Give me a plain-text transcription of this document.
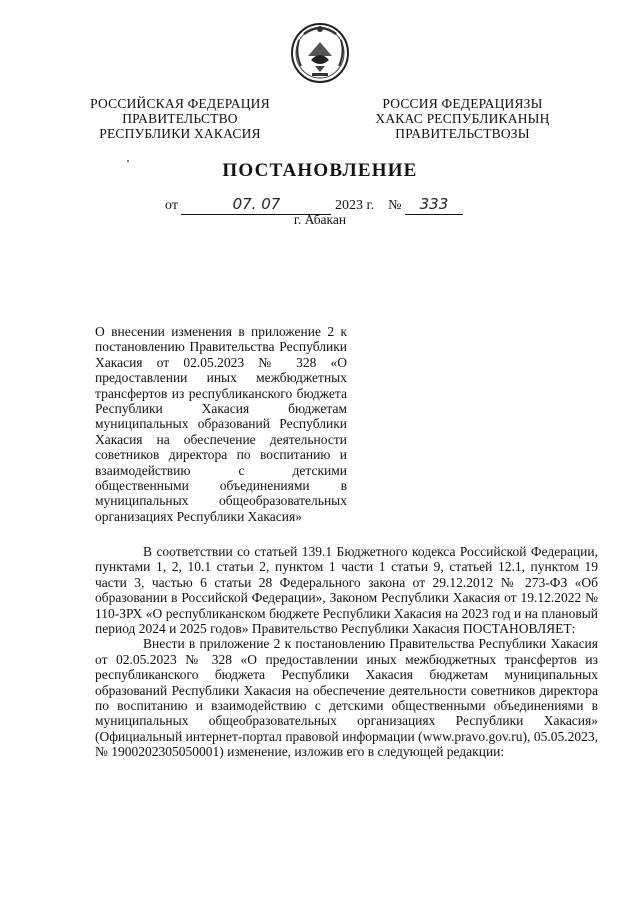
РОССИЙСКАЯ ФЕДЕРАЦИЯ
ПРАВИТЕЛЬСТВО
РЕСПУБЛИКИ ХАКАСИЯ
РОССИЯ ФЕДЕРАЦИЯЗЫ
ХАКАС РЕСПУБЛИКАНЫҢ
ПРАВИТЕЛЬСТВОЗЫ
ПОСТАНОВЛЕНИЕ
от	07. 07	2023 г. № 333
г. Абакан
О внесении изменения в приложение 2 к постановлению Правительства Республики Хакасия от 02.05.2023 № 328 «О предоставлении иных межбюджетных трансфертов из республиканского бюджета Республики Хакасия бюджетам муниципальных образований Республики Хакасия на обеспечение деятельности советников директора по воспитанию и взаимодействию с детскими общественными объединениями в муниципальных общеобразовательных организациях Республики Хакасия»

В соответствии со статьей 139.1 Бюджетного кодекса Российской Федерации, пунктами 1, 2, 10.1 статьи 2, пунктом 1 части 1 статьи 9, статьей 12.1, пунктом 19 части 3, частью 6 статьи 28 Федерального закона от 29.12.2012 № 273-ФЗ «Об образовании в Российской Федерации», Законом Республики Хакасия от 19.12.2022 № 110-ЗРХ «О республиканском бюджете Республики Хакасия на 2023 год и на плановый период 2024 и 2025 годов» Правительство Республики Хакасия ПОСТАНОВЛЯЕТ:

Внести в приложение 2 к постановлению Правительства Республики Хакасия от 02.05.2023 № 328 «О предоставлении иных межбюджетных трансфертов из республиканского бюджета Республики Хакасия бюджетам муниципальных образований Республики Хакасия на обеспечение деятельности советников директора по воспитанию и взаимодействию с детскими общественными объединениями в муниципальных общеобразовательных организациях Республики Хакасия» (Официальный интернет-портал правовой информации (www.pravo.gov.ru), 05.05.2023, № 1900202305050001) изменение, изложив его в следующей редакции:
